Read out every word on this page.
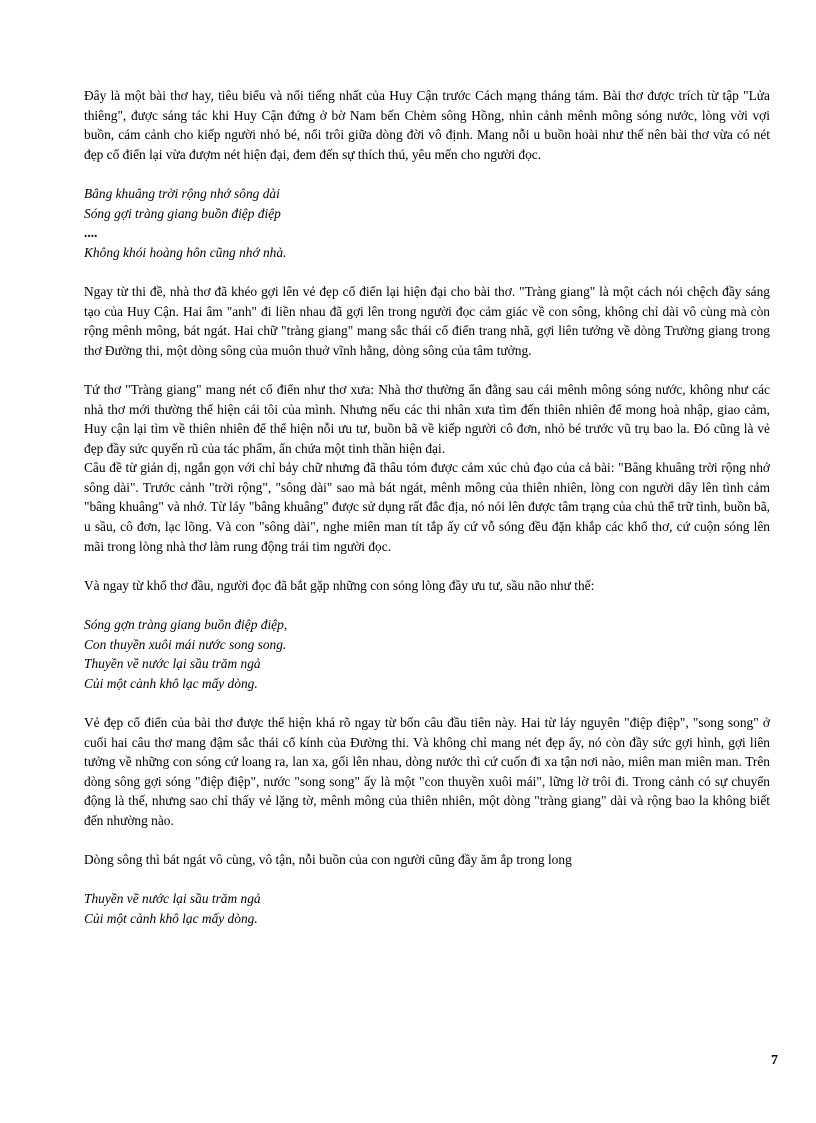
Đây là một bài thơ hay, tiêu biểu và nổi tiếng nhất của Huy Cận trước Cách mạng tháng tám. Bài thơ được trích từ tập "Lửa thiêng", được sáng tác khi Huy Cận đứng ở bờ Nam bến Chèm sông Hồng, nhìn cảnh mênh mông sóng nước, lòng vời vợi buồn, cám cảnh cho kiếp người nhỏ bé, nổi trôi giữa dòng đời vô định. Mang nỗi u buồn hoài như thế nên bài thơ vừa có nét đẹp cổ điển lại vừa đượm nét hiện đại, đem đến sự thích thú, yêu mến cho người đọc.

Bâng khuâng trời rộng nhớ sông dài
Sóng gợi tràng giang buồn điệp điệp
....
Không khói hoàng hôn cũng nhớ nhà.

Ngay từ thi đề, nhà thơ đã khéo gợi lên vẻ đẹp cổ điển lại hiện đại cho bài thơ. "Tràng giang" là một cách nói chệch đầy sáng tạo của Huy Cận. Hai âm "anh" đi liền nhau đã gợi lên trong người đọc cảm giác về con sông, không chỉ dài vô cùng mà còn rộng mênh mông, bát ngát. Hai chữ "tràng giang" mang sắc thái cổ điển trang nhã, gợi liên tưởng về dòng Trường giang trong thơ Đường thi, một dòng sông của muôn thuở vĩnh hằng, dòng sông của tâm tưởng.

Tứ thơ "Tràng giang" mang nét cổ điển như thơ xưa: Nhà thơ thường ẩn đằng sau cái mênh mông sóng nước, không như các nhà thơ mới thường thể hiện cái tôi của mình. Nhưng nếu các thi nhân xưa tìm đến thiên nhiên để mong hoà nhập, giao cảm, Huy cận lại tìm về thiên nhiên để thể hiện nỗi ưu tư, buồn bã về kiếp người cô đơn, nhỏ bé trước vũ trụ bao la. Đó cũng là vẻ đẹp đầy sức quyến rũ của tác phẩm, ẩn chứa một tinh thần hiện đại.

Câu đề từ giản dị, ngắn gọn với chỉ bảy chữ nhưng đã thâu tóm được cảm xúc chủ đạo của cả bài: "Bâng khuâng trời rộng nhớ sông dài". Trước cảnh "trời rộng", "sông dài" sao mà bát ngát, mênh mông của thiên nhiên, lòng con người dây lên tình cảm "bâng khuâng" và nhớ. Từ láy "bâng khuâng" được sử dụng rất đắc địa, nó nói lên được tâm trạng của chủ thể trữ tình, buồn bã, u sầu, cô đơn, lạc lõng. Và con "sông dài", nghe miên man tít tắp ấy cứ vỗ sóng đều đặn khắp các khổ thơ, cứ cuộn sóng lên mãi trong lòng nhà thơ làm rung động trái tim người đọc.

Và ngay từ khổ thơ đầu, người đọc đã bắt gặp những con sóng lòng đầy ưu tư, sầu não như thế:

Sóng gợn tràng giang buồn điệp điệp,
Con thuyền xuôi mái nước song song.
Thuyền về nước lại sầu trăm ngả
Củi một cành khô lạc mấy dòng.

Vẻ đẹp cổ điển của bài thơ được thể hiện khá rõ ngay từ bốn câu đầu tiên này. Hai từ láy nguyên "điệp điệp", "song song" ở cuối hai câu thơ mang đậm sắc thái cổ kính của Đường thi. Và không chỉ mang nét đẹp ấy, nó còn đầy sức gợi hình, gợi liên tưởng về những con sóng cứ loang ra, lan xa, gối lên nhau, dòng nước thì cứ cuốn đi xa tận nơi nào, miên man miên man. Trên dòng sông gợi sóng "điệp điệp", nước "song song" ấy là một "con thuyền xuôi mái", lững lờ trôi đi. Trong cảnh có sự chuyển động là thế, nhưng sao chỉ thấy vẻ lặng tờ, mênh mông của thiên nhiên, một dòng "tràng giang" dài và rộng bao la không biết đến nhường nào.

Dòng sông thì bát ngát vô cùng, vô tận, nỗi buồn của con người cũng đầy ăm ắp trong long

Thuyền về nước lại sầu trăm ngả
Củi một cành khô lạc mấy dòng.
7
